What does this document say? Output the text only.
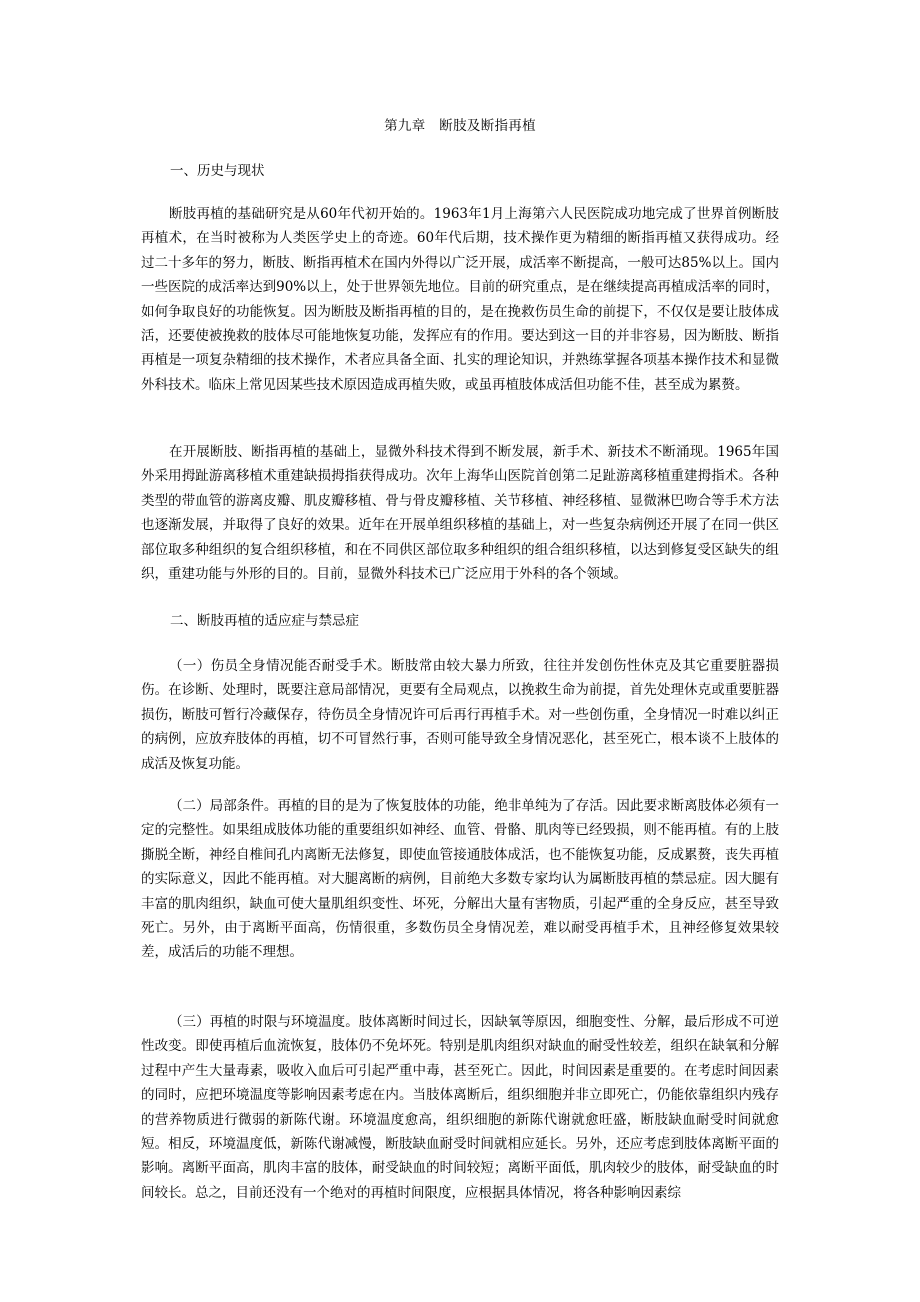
第九章　断肢及断指再植
一、历史与现状

断肢再植的基础研究是从60年代初开始的。1963年1月上海第六人民医院成功地完成了世界首例断肢再植术，在当时被称为人类医学史上的奇迹。60年代后期，技术操作更为精细的断指再植又获得成功。经过二十多年的努力，断肢、断指再植术在国内外得以广泛开展，成活率不断提高，一般可达85%以上。国内一些医院的成活率达到90%以上，处于世界领先地位。目前的研究重点，是在继续提高再植成活率的同时，如何争取良好的功能恢复。因为断肢及断指再植的目的，是在挽救伤员生命的前提下，不仅仅是要让肢体成活，还要使被挽救的肢体尽可能地恢复功能，发挥应有的作用。要达到这一目的并非容易，因为断肢、断指再植是一项复杂精细的技术操作，术者应具备全面、扎实的理论知识，并熟练掌握各项基本操作技术和显微外科技术。临床上常见因某些技术原因造成再植失败，或虽再植肢体成活但功能不佳，甚至成为累赘。

在开展断肢、断指再植的基础上，显微外科技术得到不断发展，新手术、新技术不断涌现。1965年国外采用拇趾游离移植术重建缺损拇指获得成功。次年上海华山医院首创第二足趾游离移植重建拇指术。各种类型的带血管的游离皮瓣、肌皮瓣移植、骨与骨皮瓣移植、关节移植、神经移植、显微淋巴吻合等手术方法也逐渐发展，并取得了良好的效果。近年在开展单组织移植的基础上，对一些复杂病例还开展了在同一供区部位取多种组织的复合组织移植，和在不同供区部位取多种组织的组合组织移植，以达到修复受区缺失的组织，重建功能与外形的目的。目前，显微外科技术已广泛应用于外科的各个领域。

二、断肢再植的适应症与禁忌症

（一）伤员全身情况能否耐受手术。断肢常由较大暴力所致，往往并发创伤性休克及其它重要脏器损伤。在诊断、处理时，既要注意局部情况，更要有全局观点，以挽救生命为前提，首先处理休克或重要脏器损伤，断肢可暂行冷藏保存，待伤员全身情况许可后再行再植手术。对一些创伤重，全身情况一时难以纠正的病例，应放弃肢体的再植，切不可冒然行事，否则可能导致全身情况恶化，甚至死亡，根本谈不上肢体的成活及恢复功能。

（二）局部条件。再植的目的是为了恢复肢体的功能，绝非单纯为了存活。因此要求断离肢体必须有一定的完整性。如果组成肢体功能的重要组织如神经、血管、骨骼、肌肉等已经毁损，则不能再植。有的上肢撕脱全断，神经自椎间孔内离断无法修复，即使血管接通肢体成活，也不能恢复功能，反成累赘，丧失再植的实际意义，因此不能再植。对大腿离断的病例，目前绝大多数专家均认为属断肢再植的禁忌症。因大腿有丰富的肌肉组织，缺血可使大量肌组织变性、坏死，分解出大量有害物质，引起严重的全身反应，甚至导致死亡。另外，由于离断平面高，伤情很重，多数伤员全身情况差，难以耐受再植手术，且神经修复效果较差，成活后的功能不理想。

（三）再植的时限与环境温度。肢体离断时间过长，因缺氧等原因，细胞变性、分解，最后形成不可逆性改变。即使再植后血流恢复，肢体仍不免坏死。特别是肌肉组织对缺血的耐受性较差，组织在缺氧和分解过程中产生大量毒素，吸收入血后可引起严重中毒，甚至死亡。因此，时间因素是重要的。在考虑时间因素的同时，应把环境温度等影响因素考虑在内。当肢体离断后，组织细胞并非立即死亡，仍能依靠组织内残存的营养物质进行微弱的新陈代谢。环境温度愈高，组织细胞的新陈代谢就愈旺盛，断肢缺血耐受时间就愈短。相反，环境温度低，新陈代谢减慢，断肢缺血耐受时间就相应延长。另外，还应考虑到肢体离断平面的影响。离断平面高，肌肉丰富的肢体，耐受缺血的时间较短；离断平面低，肌肉较少的肢体，耐受缺血的时间较长。总之，目前还没有一个绝对的再植时间限度，应根据具体情况，将各种影响因素综
